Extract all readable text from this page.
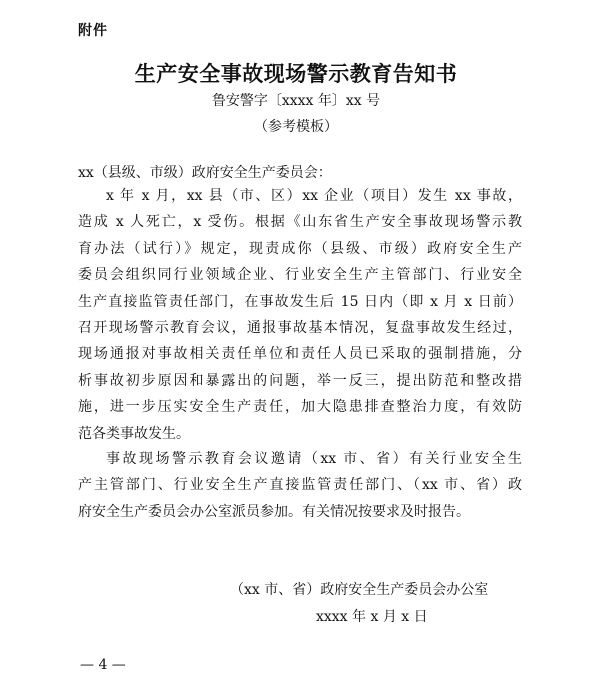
附件
生产安全事故现场警示教育告知书
鲁安警字〔xxxx 年〕xx 号
（参考模板）
xx（县级、市级）政府安全生产委员会：
x 年 x 月，xx 县（市、区）xx 企业（项目）发生 xx 事故，
造成 x 人死亡，x 受伤。根据《山东省生产安全事故现场警示教
育办法（试行）》规定，现责成你（县级、市级）政府安全生产
委员会组织同行业领域企业、行业安全生产主管部门、行业安全
生产直接监管责任部门，在事故发生后 15 日内（即 x 月 x 日前）
召开现场警示教育会议，通报事故基本情况，复盘事故发生经过，
现场通报对事故相关责任单位和责任人员已采取的强制措施，分
析事故初步原因和暴露出的问题，举一反三，提出防范和整改措
施，进一步压实安全生产责任，加大隐患排查整治力度，有效防
范各类事故发生。
事故现场警示教育会议邀请（xx 市、省）有关行业安全生
产主管部门、行业安全生产直接监管责任部门、（xx 市、省）政
府安全生产委员会办公室派员参加。有关情况按要求及时报告。
（xx 市、省）政府安全生产委员会办公室
xxxx 年 x 月 x 日
— 4 —
